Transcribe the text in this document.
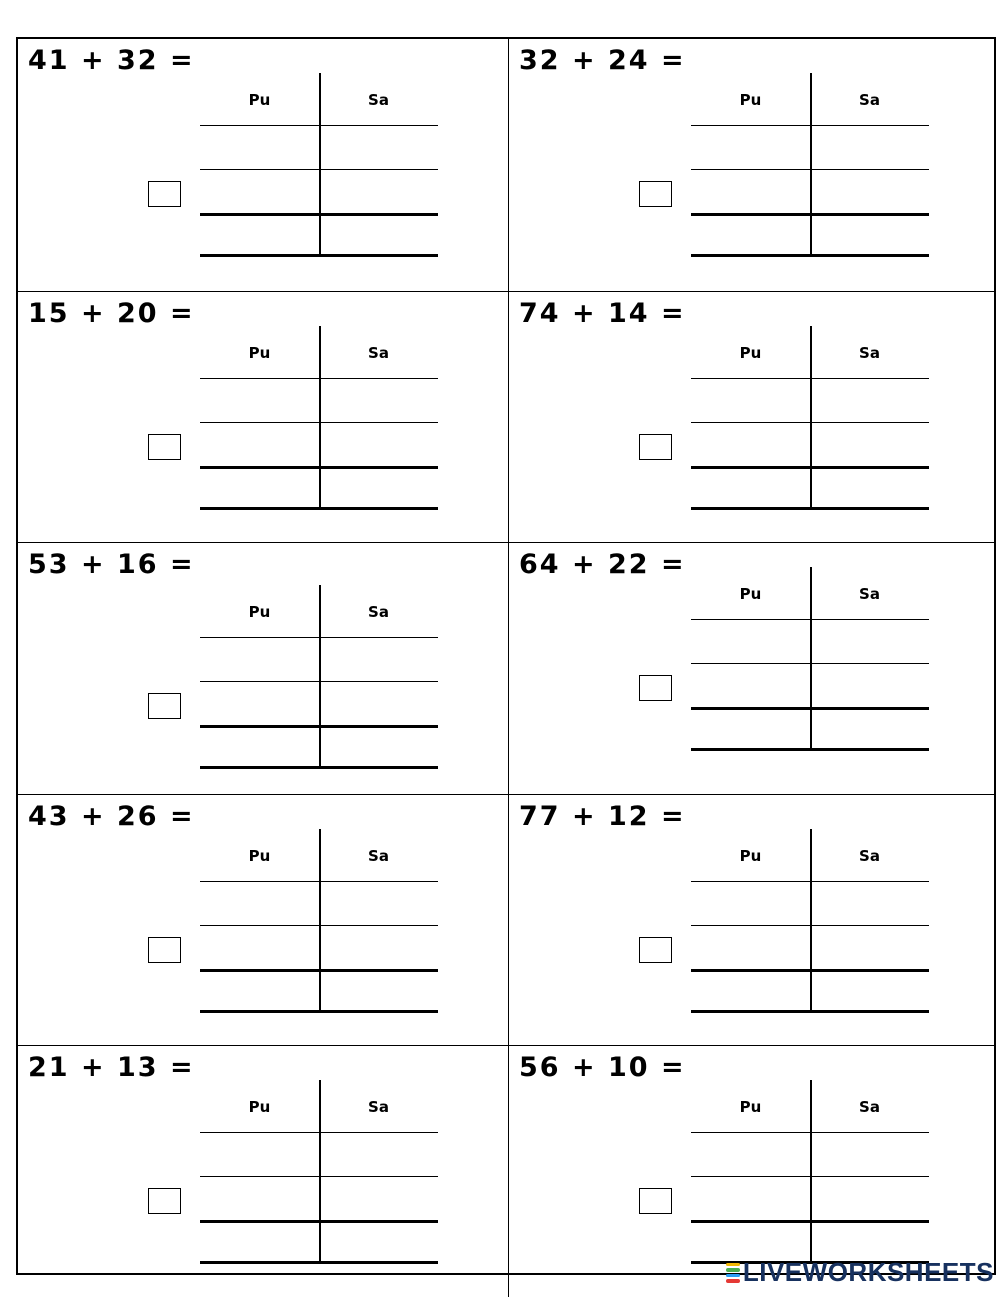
41 + 32 =
Pu	Sa
32 + 24 =
Pu	Sa
15 + 20 =
Pu	Sa
74 + 14 =
Pu	Sa
53 + 16 =
Pu	Sa
64 + 22 =
Pu	Sa
43 + 26 =
Pu	Sa
77 + 12 =
Pu	Sa
21 + 13 =
Pu	Sa
56 + 10 =
Pu	Sa
LIVEWORKSHEETS
